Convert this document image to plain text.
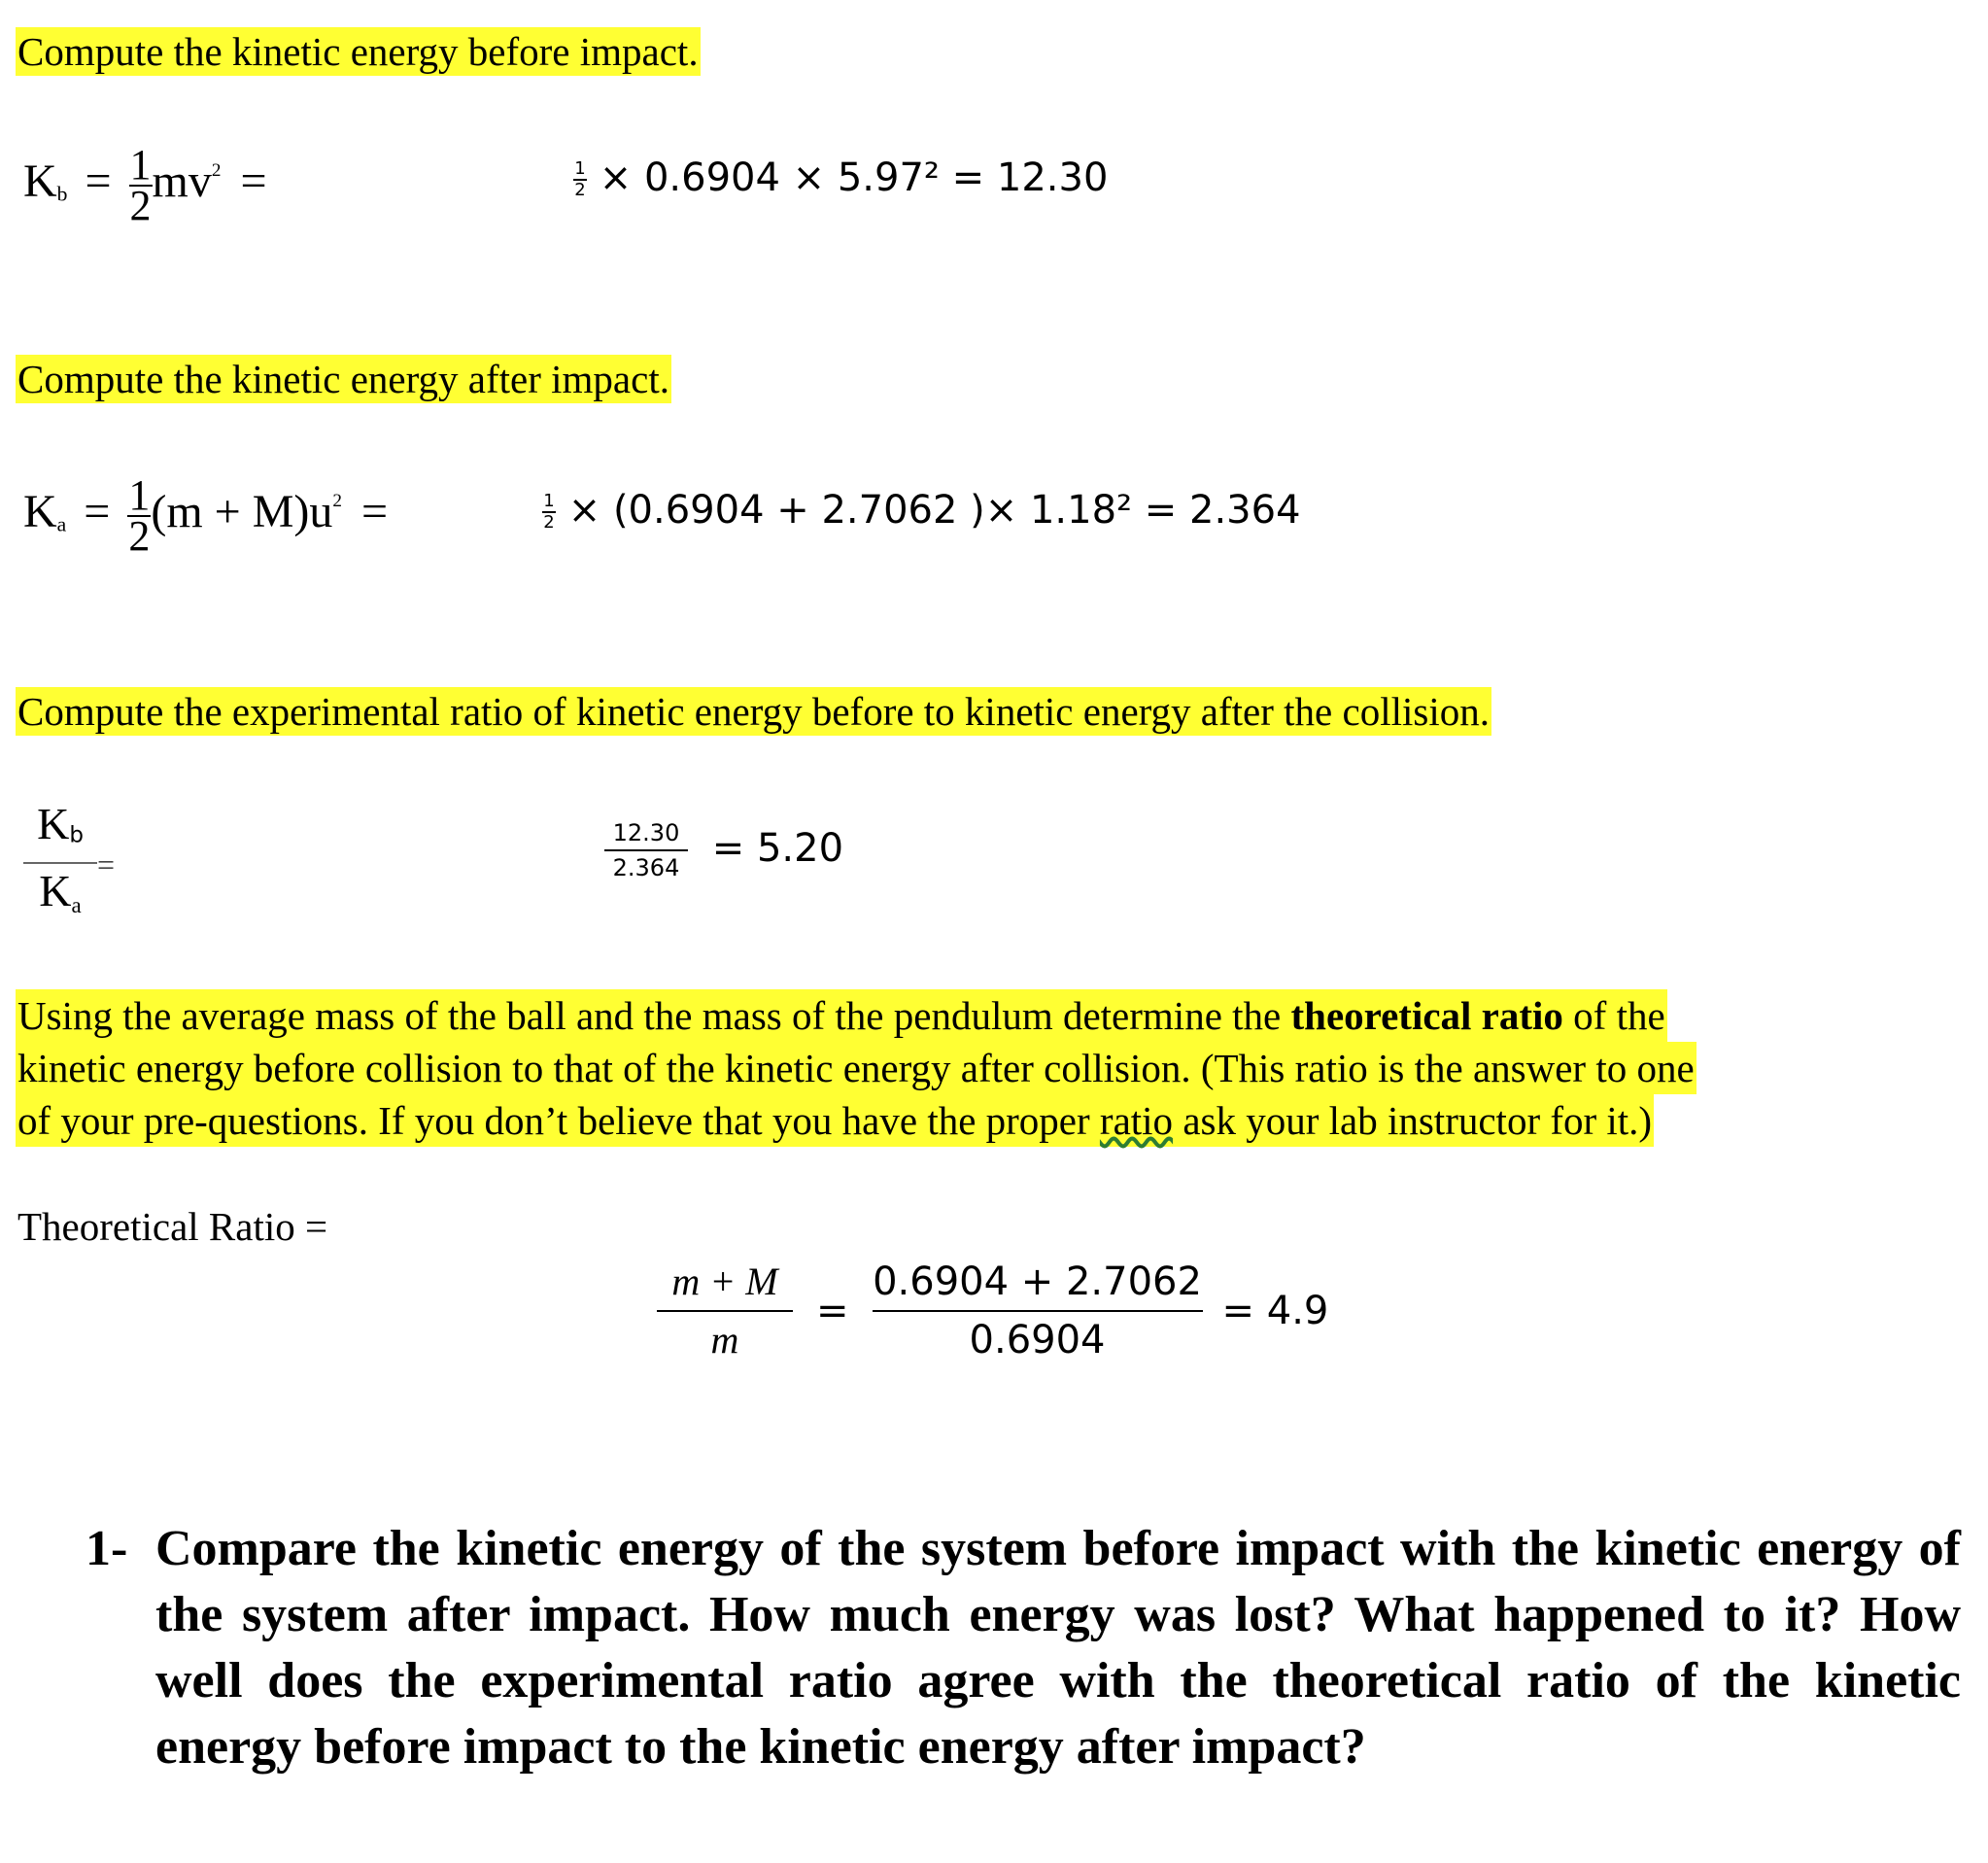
Compute the kinetic energy before impact.
$K_b = \frac{1}{2} mv^2$ =	$\frac{1}{2} \times 0.6904 \times 5.97^2 = 12.30$
Compute the kinetic energy after impact.
$K_a = \frac{1}{2} (m + M)u^2$ =	$\frac{1}{2} \times (0.6904 + 2.7062$ )× 1.18² = 2.364
Compute the experimental ratio of kinetic energy before to kinetic energy after the collision.
$\frac{Kb}{Ka}$ =	$\frac{12.30}{2.364} = 5.20$
Using the average mass of the ball and the mass of the pendulum determine the theoretical ratio of the
kinetic energy before collision to that of the kinetic energy after collision. (This ratio is the answer to one
of your pre-questions. If you don’t believe that you have the proper ratio ask your lab instructor for it.)
Theoretical Ratio =
$\frac{m + M}{m} = \frac{0.6904 + 2.7062}{0.6904} = 4.9$
1- Compare the kinetic energy of the system before impact with the kinetic energy of the system after impact. How much energy was lost? What happened to it? How well does the experimental ratio agree with the theoretical ratio of the kinetic energy before impact to the kinetic energy after impact?
